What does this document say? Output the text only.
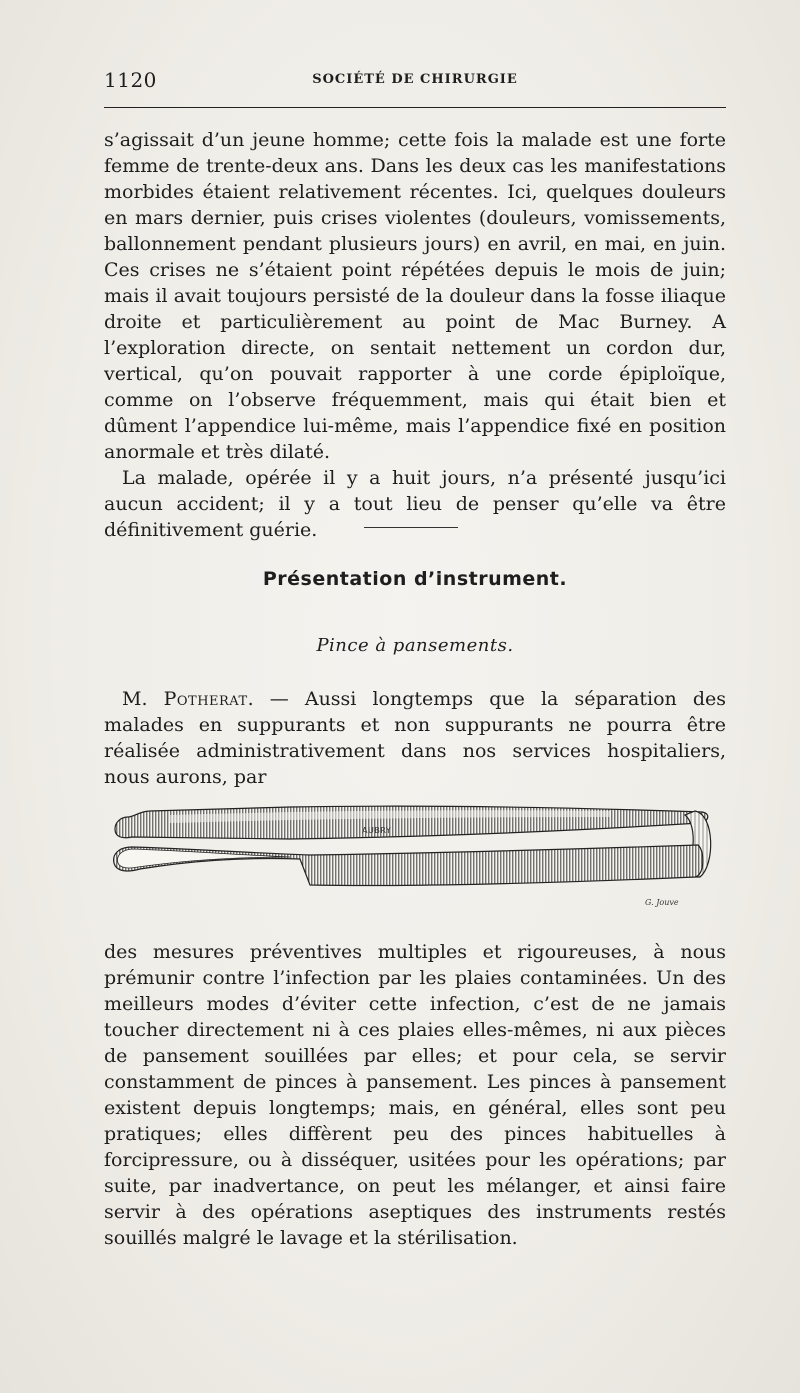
1120	SOCIÉTÉ DE CHIRURGIE

s’agissait d’un jeune homme; cette fois la malade est une forte femme de trente-deux ans. Dans les deux cas les manifestations morbides étaient relativement récentes. Ici, quelques douleurs en mars dernier, puis crises violentes (douleurs, vomissements, ballonnement pendant plusieurs jours) en avril, en mai, en juin. Ces crises ne s’étaient point répétées depuis le mois de juin; mais il avait toujours persisté de la douleur dans la fosse iliaque droite et particulièrement au point de Mac Burney. A l’exploration directe, on sentait nettement un cordon dur, vertical, qu’on pouvait rapporter à une corde épiploïque, comme on l’observe fréquemment, mais qui était bien et dûment l’appendice lui-même, mais l’appendice fixé en position anormale et très dilaté.

La malade, opérée il y a huit jours, n’a présenté jusqu’ici aucun accident; il y a tout lieu de penser qu’elle va être définitivement guérie.

Présentation d’instrument.
Pince à pansements.

M. Potherat. — Aussi longtemps que la séparation des malades en suppurants et non suppurants ne pourra être réalisée administrativement dans nos services hospitaliers, nous aurons, par

AUBRY
G. Jouve

des mesures préventives multiples et rigoureuses, à nous prémunir contre l’infection par les plaies contaminées. Un des meilleurs modes d’éviter cette infection, c’est de ne jamais toucher directement ni à ces plaies elles-mêmes, ni aux pièces de pansement souillées par elles; et pour cela, se servir constamment de pinces à pansement. Les pinces à pansement existent depuis longtemps; mais, en général, elles sont peu pratiques; elles diffèrent peu des pinces habituelles à forcipressure, ou à disséquer, usitées pour les opérations; par suite, par inadvertance, on peut les mélanger, et ainsi faire servir à des opérations aseptiques des instruments restés souillés malgré le lavage et la stérilisation.
